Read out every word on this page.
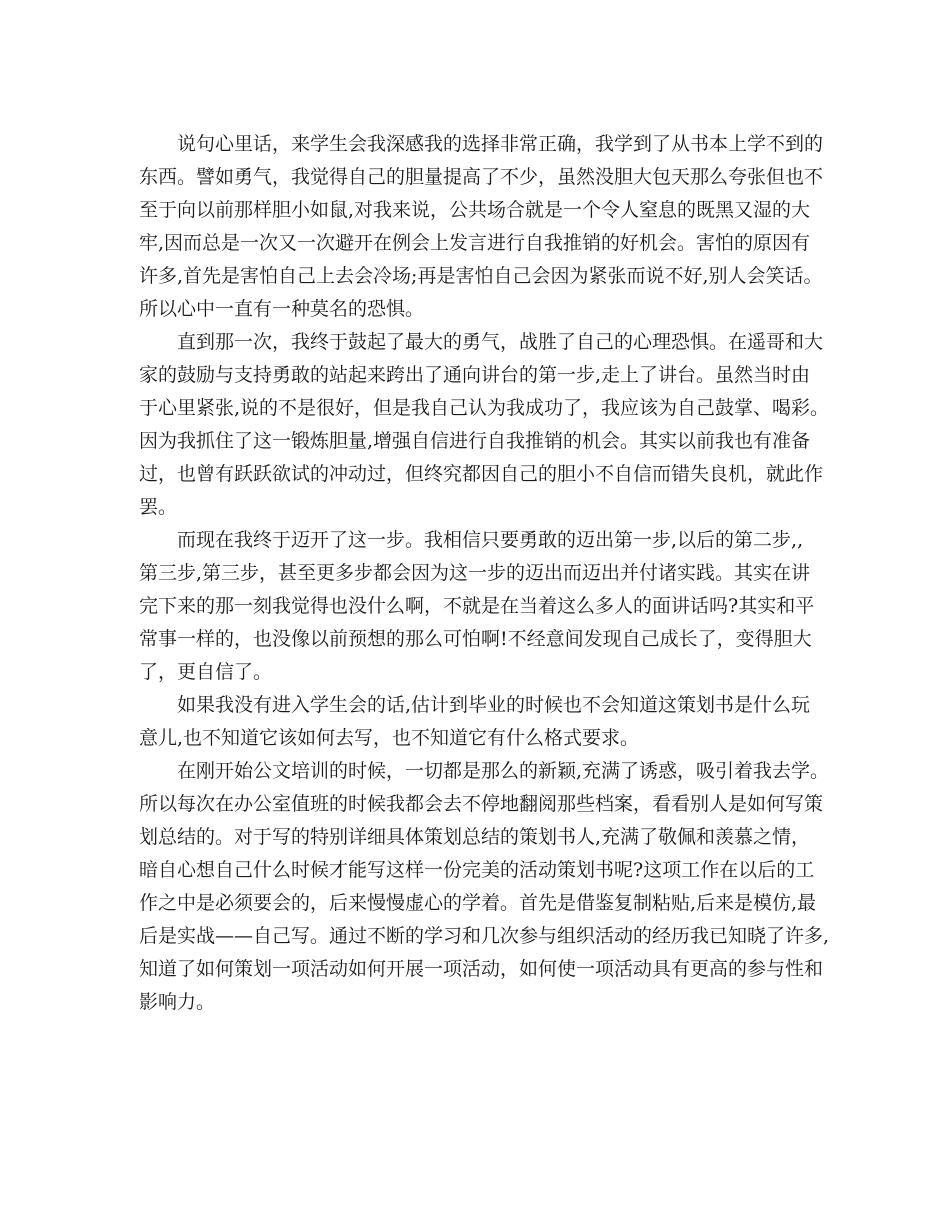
说句心里话，来学生会我深感我的选择非常正确，我学到了从书本上学不到的
东西。譬如勇气，我觉得自己的胆量提高了不少，虽然没胆大包天那么夸张但也不
至于向以前那样胆小如鼠,对我来说，公共场合就是一个令人窒息的既黑又湿的大
牢,因而总是一次又一次避开在例会上发言进行自我推销的好机会。害怕的原因有
许多,首先是害怕自己上去会冷场;再是害怕自己会因为紧张而说不好,别人会笑话。
所以心中一直有一种莫名的恐惧。
直到那一次，我终于鼓起了最大的勇气，战胜了自己的心理恐惧。在遥哥和大
家的鼓励与支持勇敢的站起来跨出了通向讲台的第一步,走上了讲台。虽然当时由
于心里紧张,说的不是很好，但是我自己认为我成功了，我应该为自己鼓掌、喝彩。
因为我抓住了这一锻炼胆量,增强自信进行自我推销的机会。其实以前我也有准备
过，也曾有跃跃欲试的冲动过，但终究都因自己的胆小不自信而错失良机，就此作
罢。
而现在我终于迈开了这一步。我相信只要勇敢的迈出第一步,以后的第二步,,
第三步,第三步，甚至更多步都会因为这一步的迈出而迈出并付诸实践。其实在讲
完下来的那一刻我觉得也没什么啊，不就是在当着这么多人的面讲话吗?其实和平
常事一样的，也没像以前预想的那么可怕啊!不经意间发现自己成长了，变得胆大
了，更自信了。
如果我没有进入学生会的话,估计到毕业的时候也不会知道这策划书是什么玩
意儿,也不知道它该如何去写，也不知道它有什么格式要求。
在刚开始公文培训的时候，一切都是那么的新颖,充满了诱惑，吸引着我去学。
所以每次在办公室值班的时候我都会去不停地翻阅那些档案，看看别人是如何写策
划总结的。对于写的特别详细具体策划总结的策划书人,充满了敬佩和羡慕之情，
暗自心想自己什么时候才能写这样一份完美的活动策划书呢?这项工作在以后的工
作之中是必须要会的，后来慢慢虚心的学着。首先是借鉴复制粘贴,后来是模仿,最
后是实战——自己写。通过不断的学习和几次参与组织活动的经历我已知晓了许多,
知道了如何策划一项活动如何开展一项活动，如何使一项活动具有更高的参与性和
影响力。
